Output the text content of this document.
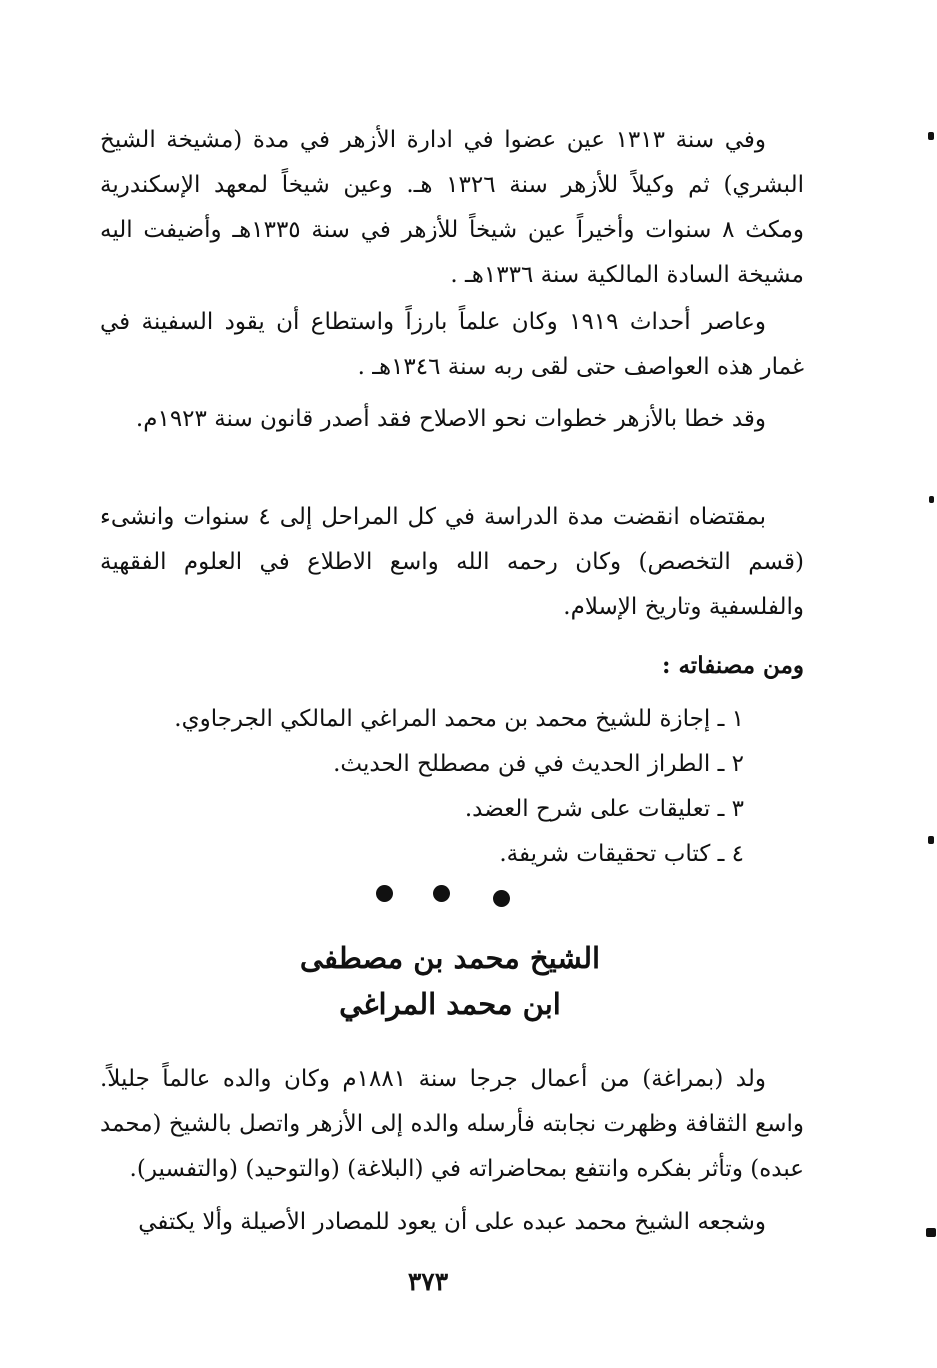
وفي سنة ١٣١٣ عين عضوا في ادارة الأزهر في مدة (مشيخة الشيخ البشري) ثم وكيلاً للأزهر سنة ١٣٢٦ هـ. وعين شيخاً لمعهد الإسكندرية ومكث ٨ سنوات وأخيراً عين شيخاً للأزهر في سنة ١٣٣٥هـ وأضيفت اليه مشيخة السادة المالكية سنة ١٣٣٦هـ .

وعاصر أحداث ١٩١٩ وكان علماً بارزاً واستطاع أن يقود السفينة في غمار هذه العواصف حتى لقى ربه سنة ١٣٤٦هـ .

وقد خطا بالأزهر خطوات نحو الاصلاح فقد أصدر قانون سنة ١٩٢٣م.

بمقتضاه انقضت مدة الدراسة في كل المراحل إلى ٤ سنوات وانشىء (قسم التخصص) وكان رحمه الله واسع الاطلاع في العلوم الفقهية والفلسفية وتاريخ الإسلام.

ومن مصنفاته :

١ ـ إجازة للشيخ محمد بن محمد المراغي المالكي الجرجاوي.
٢ ـ الطراز الحديث في فن مصطلح الحديث.
٣ ـ تعليقات على شرح العضد.
٤ ـ كتاب تحقيقات شريفة.
الشيخ محمد بن مصطفى
ابن محمد المراغي

ولد (بمراغة) من أعمال جرجا سنة ١٨٨١م وكان والده عالماً جليلاً. واسع الثقافة وظهرت نجابته فأرسله والده إلى الأزهر واتصل بالشيخ (محمد عبده) وتأثر بفكره وانتفع بمحاضراته في (البلاغة) (والتوحيد) (والتفسير).

وشجعه الشيخ محمد عبده على أن يعود للمصادر الأصيلة وألا يكتفي

٣٧٣
